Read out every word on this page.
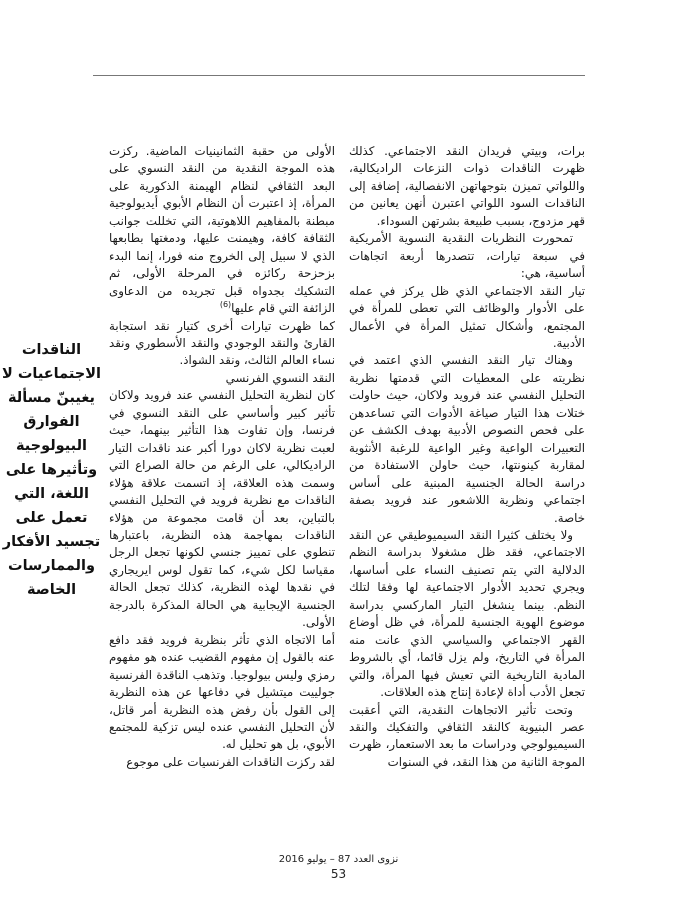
برات، وبيتي فريدان النقد الاجتماعي. كذلك ظهرت الناقدات ذوات النزعات الراديكالية، واللواتي تميزن بتوجهاتهن الانفصالية، إضافة إلى الناقدات السود اللواتي اعتبرن أنهن يعانين من قهر مزدوج، بسبب طبيعة بشرتهن السوداء.

تمحورت النظريات النقدية النسوية الأمريكية في سبعة تيارات، تتصدرها أربعة اتجاهات أساسية، هي:

تيار النقد الاجتماعي الذي ظل يركز في عمله على الأدوار والوظائف التي تعطى للمرأة في المجتمع، وأشكال تمثيل المرأة في الأعمال الأدبية.

وهناك تيار النقد النفسي الذي اعتمد في نظريته على المعطيات التي قدمتها نظرية التحليل النفسي عند فرويد ولاكان، حيث حاولت ختلات هذا التيار صياغة الأدوات التي تساعدهن على فحص النصوص الأدبية بهدف الكشف عن التعبيرات الواعية وغير الواعية للرغبة الأنثوية لمقاربة كينونتها، حيث حاولن الاستفادة من دراسة الحالة الجنسية المبنية على أساس اجتماعي ونظرية اللاشعور عند فرويد بصفة خاصة.

ولا يختلف كثيرا النقد السيميوطيقي عن النقد الاجتماعي، فقد ظل مشغولا بدراسة النظم الدلالية التي يتم تصنيف النساء على أساسها، ويجري تحديد الأدوار الاجتماعية لها وفقا لتلك النظم. بينما ينشغل التيار الماركسي بدراسة موضوع الهوية الجنسية للمرأة، في ظل أوضاع القهر الاجتماعي والسياسي الذي عانت منه المرأة في التاريخ، ولم يزل قائما، أي بالشروط المادية التاريخية التي تعيش فيها المرأة، والتي تجعل الأدب أداة لإعادة إنتاج هذه العلاقات.

وتحت تأثير الاتجاهات النقدية، التي أعقبت عصر البنيوية كالنقد الثقافي والتفكيك والنقد السيميولوجي ودراسات ما بعد الاستعمار، ظهرت الموجة الثانية من هذا النقد، في السنوات

الأولى من حقبة الثمانينيات الماضية. ركزت هذه الموجة النقدية من النقد النسوي على البعد الثقافي لنظام الهيمنة الذكورية على المرأة، إذ اعتبرت أن النظام الأبوي أيديولوجية مبطنة بالمفاهيم اللاهوتية، التي تخللت جوانب الثقافة كافة، وهيمنت عليها، ودمغتها بطابعها الذي لا سبيل إلى الخروج منه فورا، إنما البدء بزحزحة ركائزه في المرحلة الأولى، ثم التشكيك بجدواه قبل تجريده من الدعاوى الزائفة التي قام عليها$^{(6)}$

كما ظهرت تيارات أخرى كتيار نقد استجابة القارئ والنقد الوجودي والنقد الأسطوري ونقد نساء العالم الثالث، ونقد الشواذ.

النقد النسوي الفرنسي

كان لنظرية التحليل النفسي عند فرويد ولاكان تأثير كبير وأساسي على النقد النسوي في فرنسا، وإن تفاوت هذا التأثير بينهما، حيث لعبت نظرية لاكان دورا أكبر عند ناقدات التيار الراديكالي، على الرغم من حالة الصراع التي وسمت هذه العلاقة، إذ اتسمت علاقة هؤلاء الناقدات مع نظرية فرويد في التحليل النفسي بالتباين، بعد أن قامت مجموعة من هؤلاء الناقدات بمهاجمة هذه النظرية، باعتبارها تنطوي على تمييز جنسي لكونها تجعل الرجل مقياسا لكل شيء، كما تقول لوس ايريجاري في نقدها لهذه النظرية، كذلك تجعل الحالة الجنسية الإيجابية هي الحالة المذكرة بالدرجة الأولى.

أما الاتجاه الذي تأثر بنظرية فرويد فقد دافع عنه بالقول إن مفهوم القضيب عنده هو مفهوم رمزي وليس بيولوجيا. وتذهب الناقدة الفرنسية جولييت ميتشيل في دفاعها عن هذه النظرية إلى القول بأن رفض هذه النظرية أمر قاتل، لأن التحليل النفسي عنده ليس تزكية للمجتمع الأبوي، بل هو تحليل له.

لقد ركزت الناقدات الفرنسيات على موجوع

الناقدات الاجتماعيات لا يغيبنّ مسألة الفوارق البيولوجية وتأثيرها على اللغة، التي تعمل على تجسيد الأفكار والممارسات الخاصة
نزوى العدد 87 – يوليو 2016
53
